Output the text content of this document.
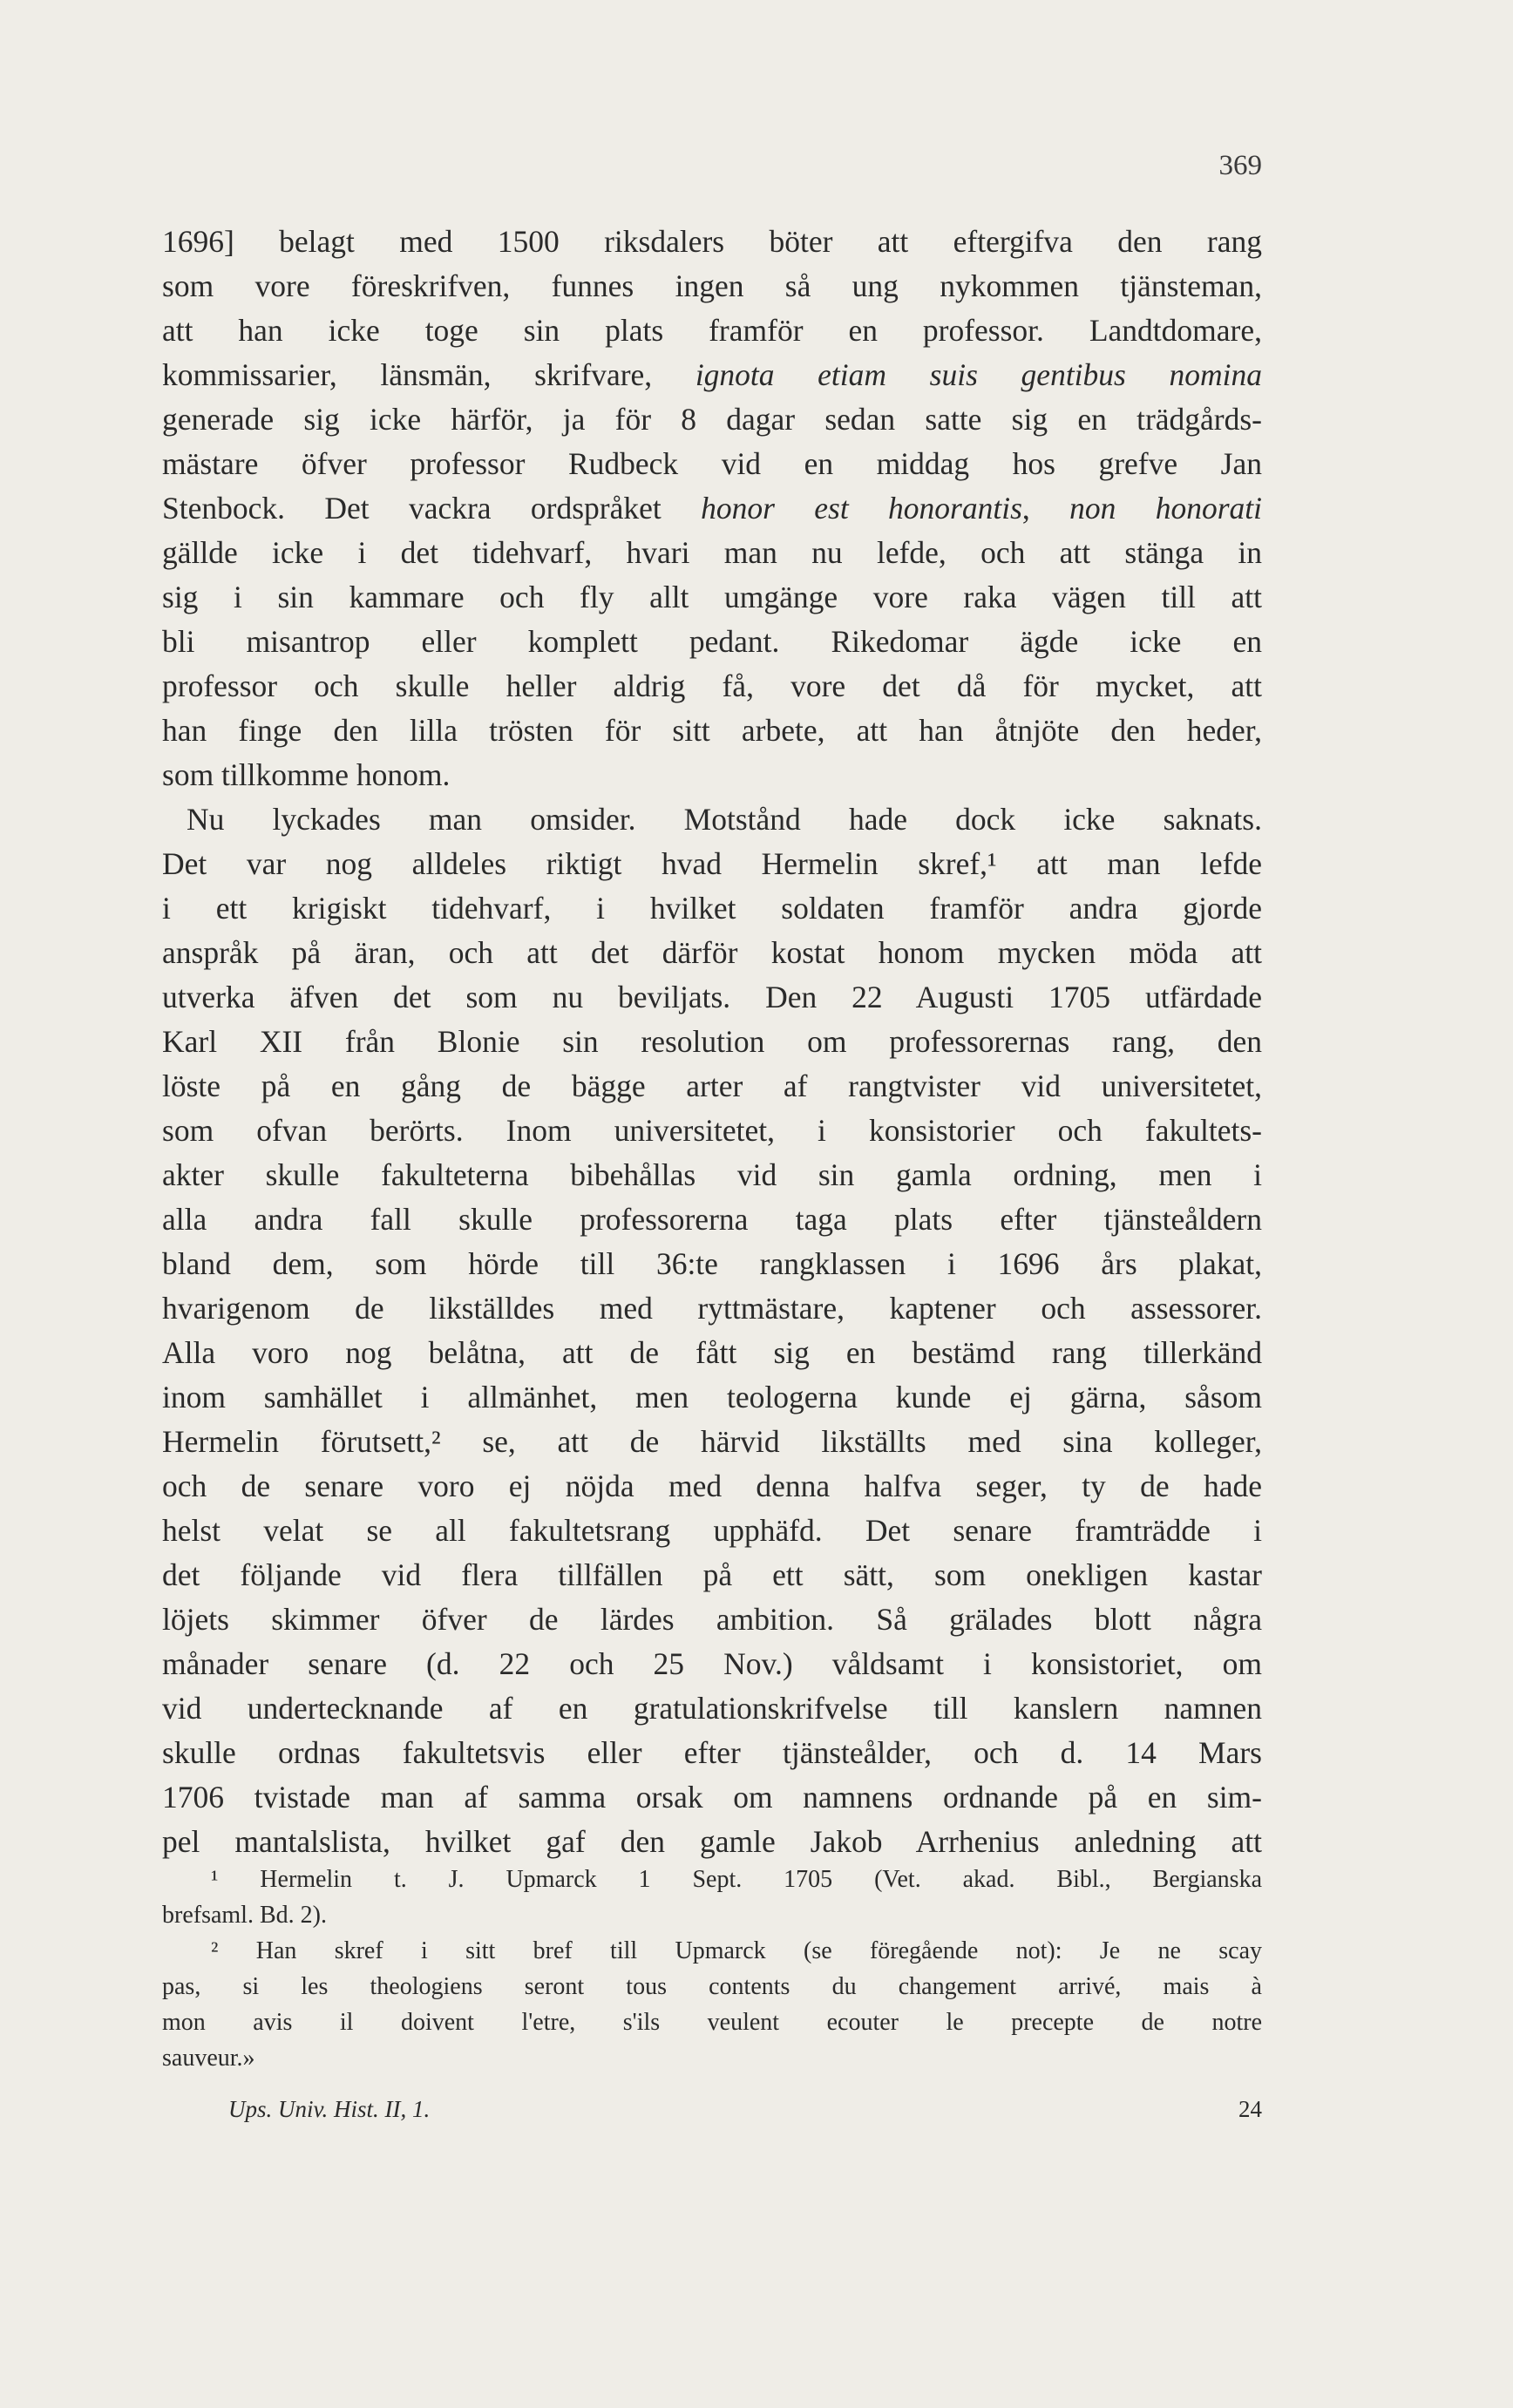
369
1696] belagt med 1500 riksdalers böter att eftergifva den rang
som vore föreskrifven, funnes ingen så ung nykommen tjänsteman,
att han icke toge sin plats framför en professor. Landtdomare,
kommissarier, länsmän, skrifvare, ignota etiam suis gentibus nomina
generade sig icke härför, ja för 8 dagar sedan satte sig en trädgårds-
mästare öfver professor Rudbeck vid en middag hos grefve Jan
Stenbock. Det vackra ordspråket honor est honorantis, non honorati
gällde icke i det tidehvarf, hvari man nu lefde, och att stänga in
sig i sin kammare och fly allt umgänge vore raka vägen till att
bli misantrop eller komplett pedant. Rikedomar ägde icke en
professor och skulle heller aldrig få, vore det då för mycket, att
han finge den lilla trösten för sitt arbete, att han åtnjöte den heder,
som tillkomme honom.
Nu lyckades man omsider. Motstånd hade dock icke saknats.
Det var nog alldeles riktigt hvad Hermelin skref,¹ att man lefde
i ett krigiskt tidehvarf, i hvilket soldaten framför andra gjorde
anspråk på äran, och att det därför kostat honom mycken möda att
utverka äfven det som nu beviljats. Den 22 Augusti 1705 utfärdade
Karl XII från Blonie sin resolution om professorernas rang, den
löste på en gång de bägge arter af rangtvister vid universitetet,
som ofvan berörts. Inom universitetet, i konsistorier och fakultets-
akter skulle fakulteterna bibehållas vid sin gamla ordning, men i
alla andra fall skulle professorerna taga plats efter tjänsteåldern
bland dem, som hörde till 36:te rangklassen i 1696 års plakat,
hvarigenom de likställdes med ryttmästare, kaptener och assessorer.
Alla voro nog belåtna, att de fått sig en bestämd rang tillerkänd
inom samhället i allmänhet, men teologerna kunde ej gärna, såsom
Hermelin förutsett,² se, att de härvid likställts med sina kolleger,
och de senare voro ej nöjda med denna halfva seger, ty de hade
helst velat se all fakultetsrang upphäfd. Det senare framträdde i
det följande vid flera tillfällen på ett sätt, som onekligen kastar
löjets skimmer öfver de lärdes ambition. Så grälades blott några
månader senare (d. 22 och 25 Nov.) våldsamt i konsistoriet, om
vid undertecknande af en gratulationskrifvelse till kanslern namnen
skulle ordnas fakultetsvis eller efter tjänsteålder, och d. 14 Mars
1706 tvistade man af samma orsak om namnens ordnande på en sim-
pel mantalslista, hvilket gaf den gamle Jakob Arrhenius anledning att
¹ Hermelin t. J. Upmarck 1 Sept. 1705 (Vet. akad. Bibl., Bergianska
brefsaml. Bd. 2).
² Han skref i sitt bref till Upmarck (se föregående not): Je ne scay
pas, si les theologiens seront tous contents du changement arrivé, mais à
mon avis il doivent l'etre, s'ils veulent ecouter le precepte de notre
sauveur.»
Ups. Univ. Hist. II, 1.	24
